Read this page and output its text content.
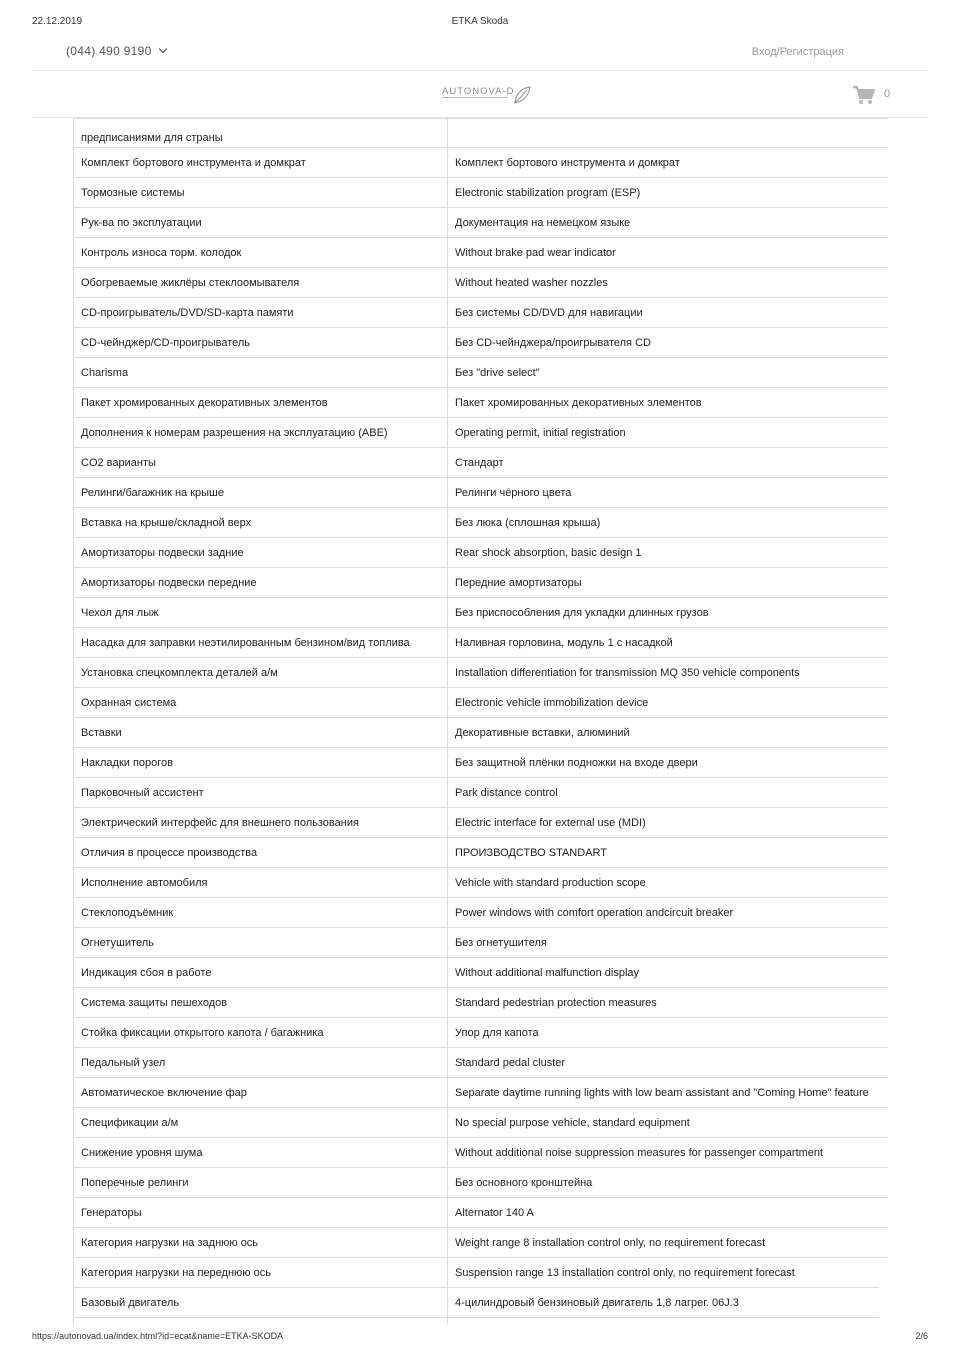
22.12.2019	ETKA Skoda
(044) 490 9190	Вход/Регистрация
AUTONOVA-D	0
предписаниями для страны	
Комплект бортового инструмента и домкрат	Комплект бортового инструмента и домкрат
Тормозные системы	Electronic stabilization program (ESP)
Рук-ва по эксплуатации	Документация на немецком языке
Контроль износа торм. колодок	Without brake pad wear indicator
Обогреваемые жиклёры стеклоомывателя	Without heated washer nozzles
CD-проигрыватель/DVD/SD-карта памяти	Без системы CD/DVD для навигации
CD-чейнджер/CD-проигрыватель	Без CD-чейнджера/проигрывателя CD
Charisma	Без "drive select"
Пакет хромированных декоративных элементов	Пакет хромированных декоративных элементов
Дополнения к номерам разрешения на эксплуатацию (АВЕ)	Operating permit, initial registration
CO2 варианты	Стандарт
Релинги/багажник на крыше	Релинги чёрного цвета
Вставка на крыше/складной верх	Без люка (сплошная крыша)
Амортизаторы подвески задние	Rear shock absorption, basic design 1
Амортизаторы подвески передние	Передние амортизаторы
Чехол для лыж	Без приспособления для укладки длинных грузов
Насадка для заправки неэтилированным бензином/вид топлива	Наливная горловина, модуль 1 с насадкой
Установка спецкомплекта деталей а/м	Installation differentiation for transmission MQ 350 vehicle components
Охранная система	Electronic vehicle immobilization device
Вставки	Декоративные вставки, алюминий
Накладки порогов	Без защитной плёнки подножки на входе двери
Парковочный ассистент	Park distance control
Электрический интерфейс для внешнего пользования	Electric interface for external use (MDI)
Отличия в процессе производства	ПРОИЗВОДСТВО STANDART
Исполнение автомобиля	Vehicle with standard production scope
Стеклоподъёмник	Power windows with comfort operation andcircuit breaker
Огнетушитель	Без огнетушителя
Индикация сбоя в работе	Without additional malfunction display
Система защиты пешеходов	Standard pedestrian protection measures
Стойка фиксации открытого капота / багажника	Упор для капота
Педальный узел	Standard pedal cluster
Автоматическое включение фар	Separate daytime running lights with low beam assistant and "Coming Home" feature
Спецификации а/м	No special purpose vehicle, standard equipment
Снижение уровня шума	Without additional noise suppression measures for passenger compartment
Поперечные релинги	Без основного кронштейна
Генераторы	Alternator 140 A
Категория нагрузки на заднюю ось	Weight range 8 installation control only, no requirement forecast
Категория нагрузки на переднюю ось	Suspension range 13 installation control only, no requirement forecast
Базовый двигатель	4-цилиндровый бензиновый двигатель 1,8 лагрег. 06J.3

https://autonovad.ua/index.html?id=ecat&name=ETKA-SKODA	2/6
